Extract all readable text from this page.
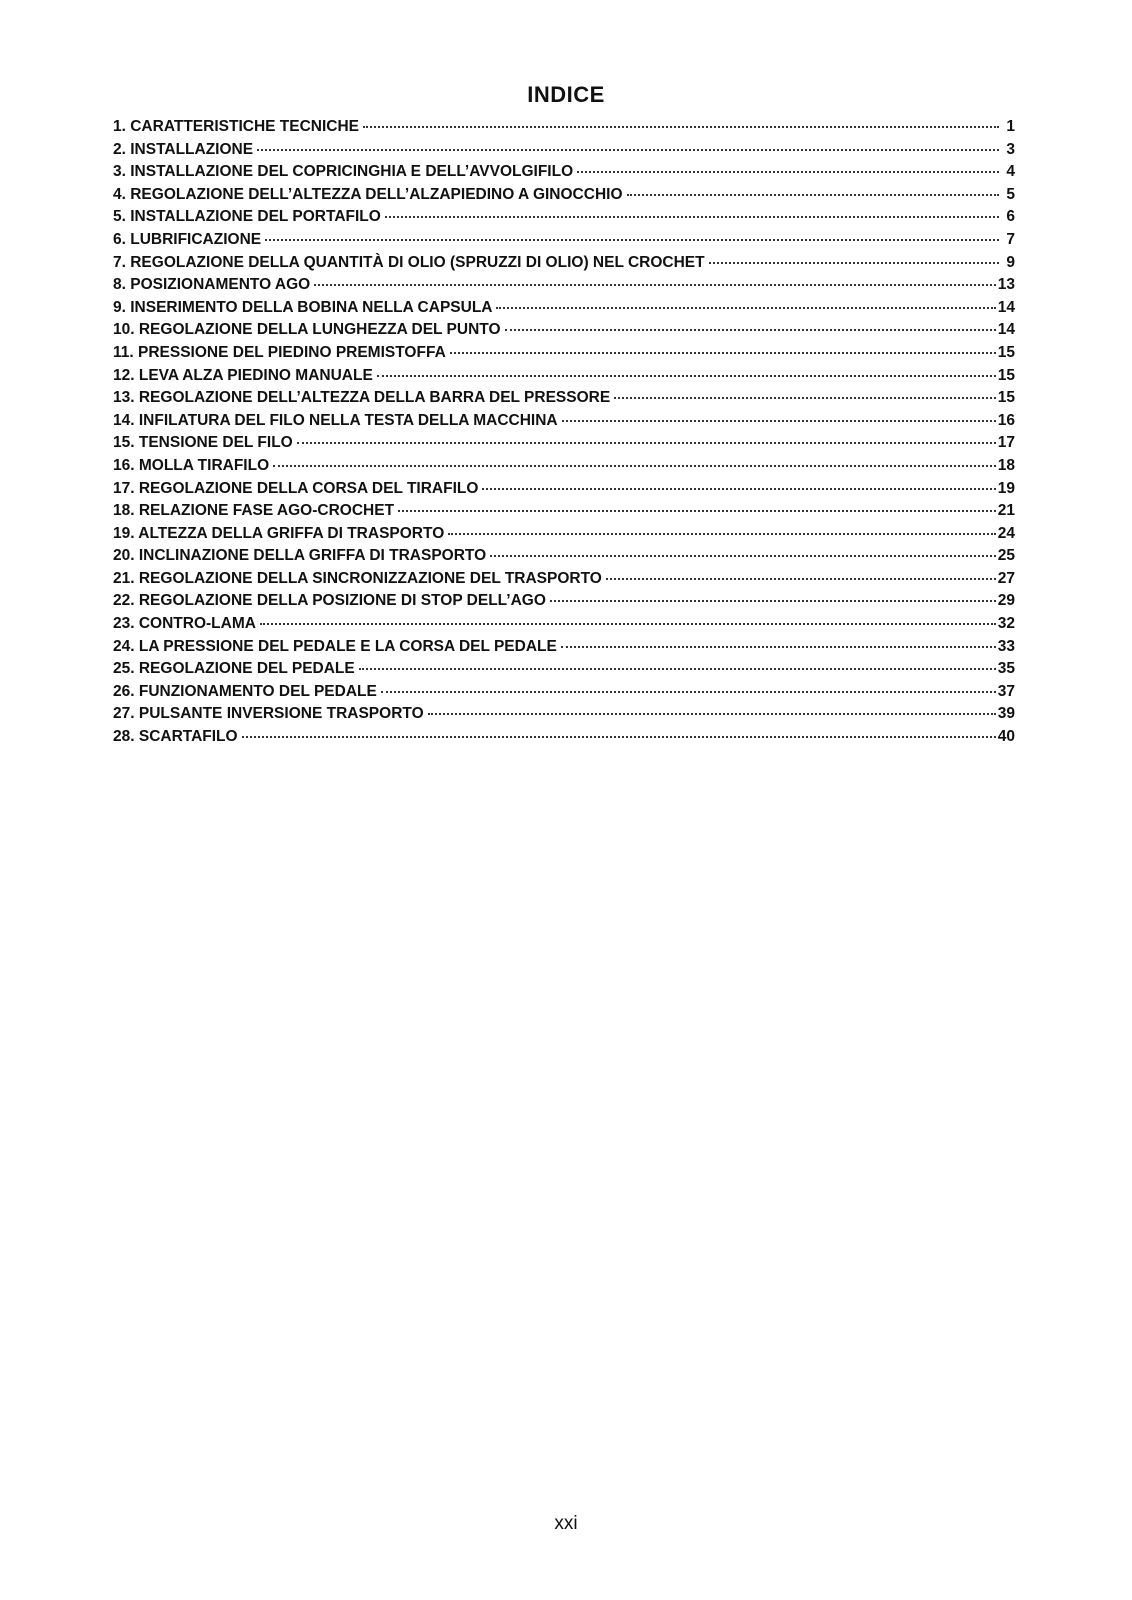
INDICE
1. CARATTERISTICHE TECNICHE	1
2. INSTALLAZIONE	3
3. INSTALLAZIONE DEL COPRICINGHIA E DELL’AVVOLGIFILO	4
4. REGOLAZIONE DELL’ALTEZZA DELL’ALZAPIEDINO A GINOCCHIO	5
5. INSTALLAZIONE DEL PORTAFILO	6
6. LUBRIFICAZIONE	7
7. REGOLAZIONE DELLA QUANTITÀ DI OLIO (SPRUZZI DI OLIO) NEL CROCHET	9
8. POSIZIONAMENTO AGO	13
9. INSERIMENTO DELLA BOBINA NELLA CAPSULA	14
10. REGOLAZIONE DELLA LUNGHEZZA DEL PUNTO	14
11. PRESSIONE DEL PIEDINO PREMISTOFFA	15
12. LEVA ALZA PIEDINO MANUALE	15
13. REGOLAZIONE DELL’ALTEZZA DELLA BARRA DEL PRESSORE	15
14. INFILATURA DEL FILO NELLA TESTA DELLA MACCHINA	16
15. TENSIONE DEL FILO	17
16. MOLLA TIRAFILO	18
17. REGOLAZIONE DELLA CORSA DEL TIRAFILO	19
18. RELAZIONE FASE AGO-CROCHET	21
19. ALTEZZA DELLA GRIFFA DI TRASPORTO	24
20. INCLINAZIONE DELLA GRIFFA DI TRASPORTO	25
21. REGOLAZIONE DELLA SINCRONIZZAZIONE DEL TRASPORTO	27
22. REGOLAZIONE DELLA POSIZIONE DI STOP DELL’AGO	29
23. CONTRO-LAMA	32
24. LA PRESSIONE DEL PEDALE E LA CORSA DEL PEDALE	33
25. REGOLAZIONE DEL PEDALE	35
26. FUNZIONAMENTO DEL PEDALE	37
27. PULSANTE INVERSIONE TRASPORTO	39
28. SCARTAFILO	40
xxi
